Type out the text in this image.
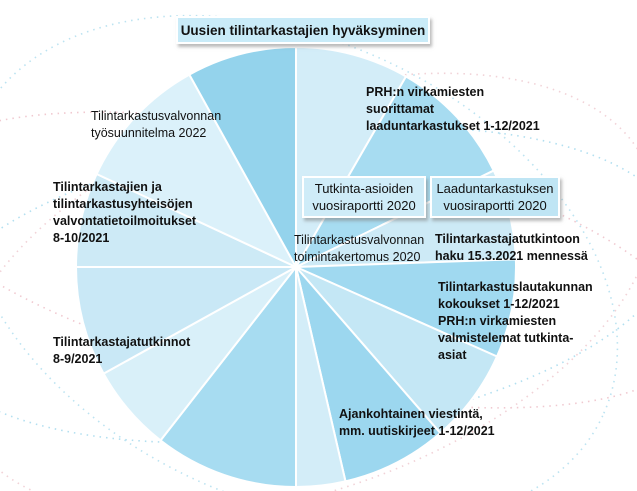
Uusien tilintarkastajien hyväksyminen
PRH:n virkamiesten
suorittamat
laaduntarkastukset 1-12/2021
Tilintarkastusvalvonnan
työsuunnitelma 2022
Tilintarkastajien ja
tilintarkastusyhteisöjen
valvontatietoilmoitukset
8-10/2021
Tutkinta-asioiden
vuosiraportti 2020
Laaduntarkastuksen
vuosiraportti 2020
Tilintarkastusvalvonnan
toimintakertomus 2020
Tilintarkastajatutkintoon
haku 15.3.2021 mennessä
Tilintarkastuslautakunnan
kokoukset 1-12/2021
PRH:n virkamiesten
valmistelemat tutkinta-
asiat
Tilintarkastajatutkinnot
8-9/2021
Ajankohtainen viestintä,
mm. uutiskirjeet 1-12/2021
